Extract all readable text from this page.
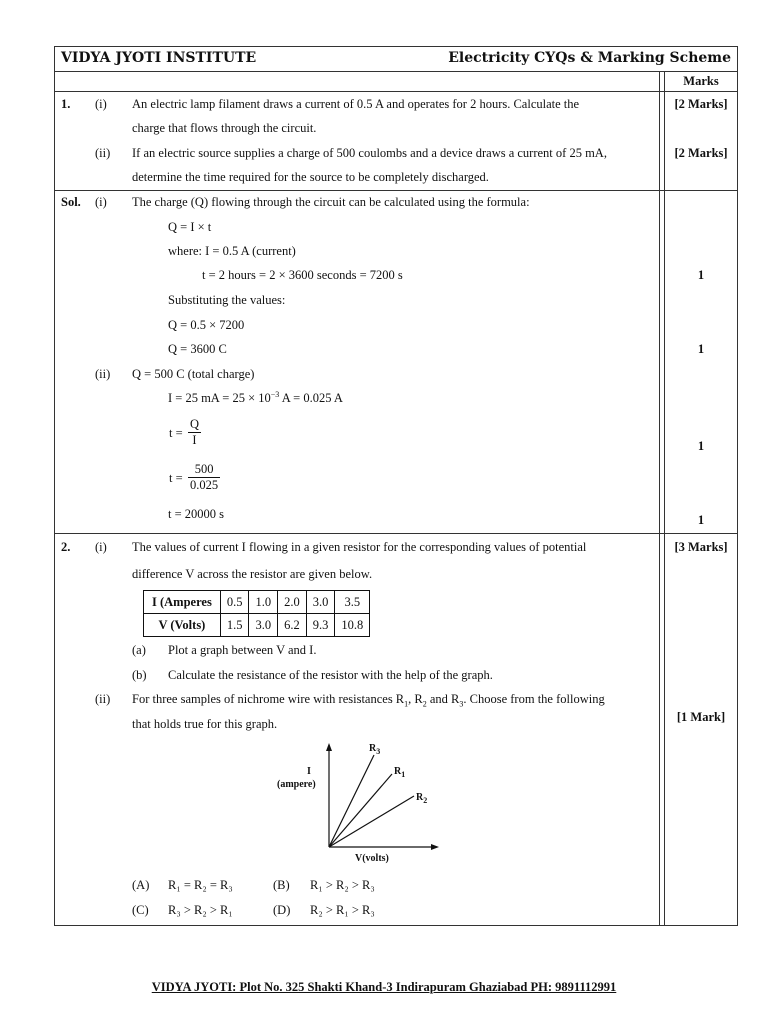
VIDYA JYOTI INSTITUTE	Electricity CYQs & Marking Scheme
Marks
1. (i) An electric lamp filament draws a current of 0.5 A and operates for 2 hours. Calculate the
charge that flows through the circuit.
[2 Marks]
(ii) If an electric source supplies a charge of 500 coulombs and a device draws a current of 25 mA,
determine the time required for the source to be completely discharged.
[2 Marks]
Sol. (i) The charge (Q) flowing through the circuit can be calculated using the formula:
Q = I × t
where: I = 0.5 A (current)
t = 2 hours = 2 × 3600 seconds = 7200 s	1
Substituting the values:
Q = 0.5 × 7200
Q = 3600 C	1
(ii) Q = 500 C (total charge)
I = 25 mA = $25 \times 10^{-3}$ A = 0.025 A
$t = \frac{Q}{I}$	1
$t = \frac{500}{0.025}$
t = 20000 s	1
2. (i) The values of current I flowing in a given resistor for the corresponding values of potential
difference V across the resistor are given below.
[3 Marks]
I (Amperes	0.5	1.0	2.0	3.0	3.5
V (Volts)	1.5	3.0	6.2	9.3	10.8
(a) Plot a graph between V and I.
(b) Calculate the resistance of the resistor with the help of the graph.
(ii) For three samples of nichrome wire with resistances $R_1$, $R_2$ and $R_3$. Choose from the following
that holds true for this graph.	[1 Mark]
I
(ampere)
V(volts)
$R_3$
$R_1$
$R_2$
(A) R₁ = R₂ = R₃	(B) R₁ > R₂ > R₃
(C) R₃ > R₂ > R₁	(D) R₂ > R₁ > R₃
VIDYA JYOTI: Plot No. 325 Shakti Khand-3 Indirapuram Ghaziabad PH: 9891112991
